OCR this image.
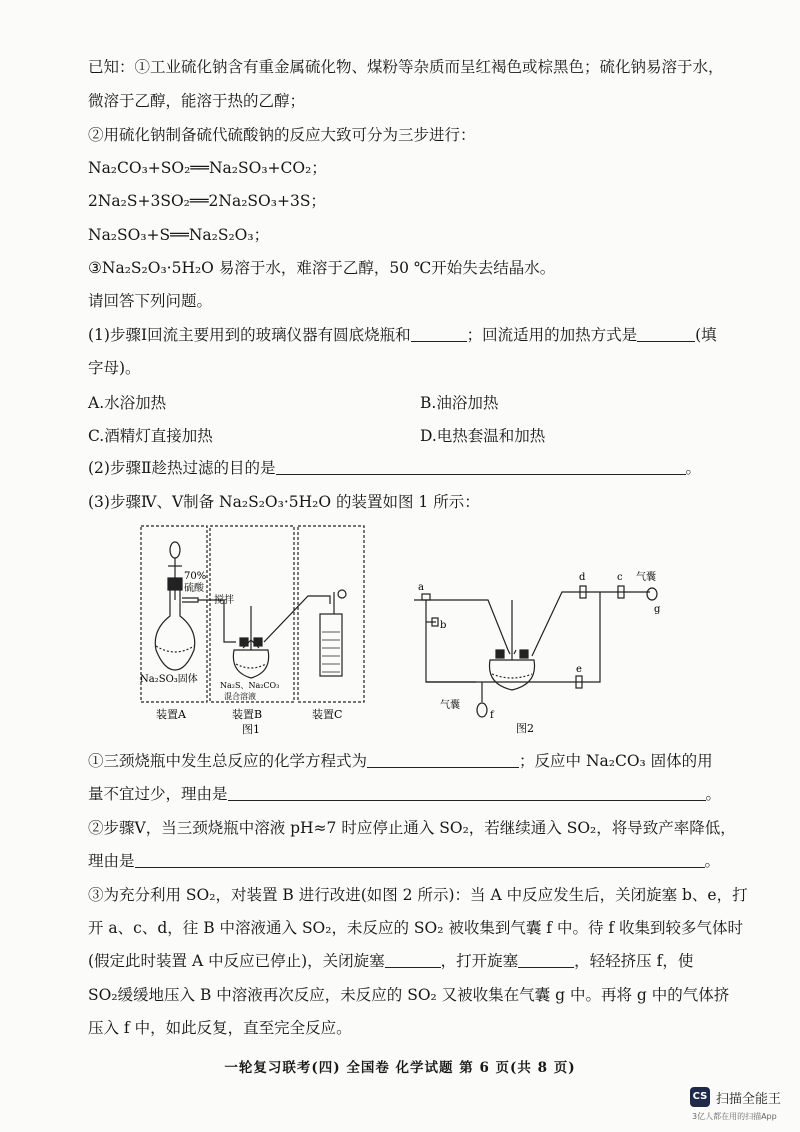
已知：①工业硫化钠含有重金属硫化物、煤粉等杂质而呈红褐色或棕黑色；硫化钠易溶于水，
微溶于乙醇，能溶于热的乙醇；
②用硫化钠制备硫代硫酸钠的反应大致可分为三步进行：
Na₂CO₃+SO₂══Na₂SO₃+CO₂；
2Na₂S+3SO₂══2Na₂SO₃+3S；
Na₂SO₃+S══Na₂S₂O₃；
③Na₂S₂O₃·5H₂O 易溶于水，难溶于乙醇，50 ℃开始失去结晶水。
请回答下列问题。
(1)步骤Ⅰ回流主要用到的玻璃仪器有圆底烧瓶和	；回流适用的加热方式是	(填
字母)。
A.水浴加热	B.油浴加热
C.酒精灯直接加热	D.电热套温和加热
(2)步骤Ⅱ趁热过滤的目的是	。
(3)步骤Ⅳ、Ⅴ制备 Na₂S₂O₃·5H₂O 的装置如图 1 所示：
70%
硫酸
Na₂SO₃固体
搅拌
Na₂S、Na₂CO₃
混合溶液
装置A	装置B	装置C
图1
a
b
c
d
e
气囊
g
气囊
f
图2
①三颈烧瓶中发生总反应的化学方程式为	；反应中 Na₂CO₃ 固体的用
量不宜过少，理由是	。
②步骤Ⅴ，当三颈烧瓶中溶液 pH≈7 时应停止通入 SO₂，若继续通入 SO₂，将导致产率降低，
理由是	。
③为充分利用 SO₂，对装置 B 进行改进(如图 2 所示)：当 A 中反应发生后，关闭旋塞 b、e，打
开 a、c、d，往 B 中溶液通入 SO₂，未反应的 SO₂ 被收集到气囊 f 中。待 f 收集到较多气体时
(假定此时装置 A 中反应已停止)，关闭旋塞	，打开旋塞	，轻轻挤压 f，使
SO₂缓缓地压入 B 中溶液再次反应，未反应的 SO₂ 又被收集在气囊 g 中。再将 g 中的气体挤
压入 f 中，如此反复，直至完全反应。
一轮复习联考(四) 全国卷 化学试题 第 6 页(共 8 页)
CS 扫描全能王
3亿人都在用的扫描App
